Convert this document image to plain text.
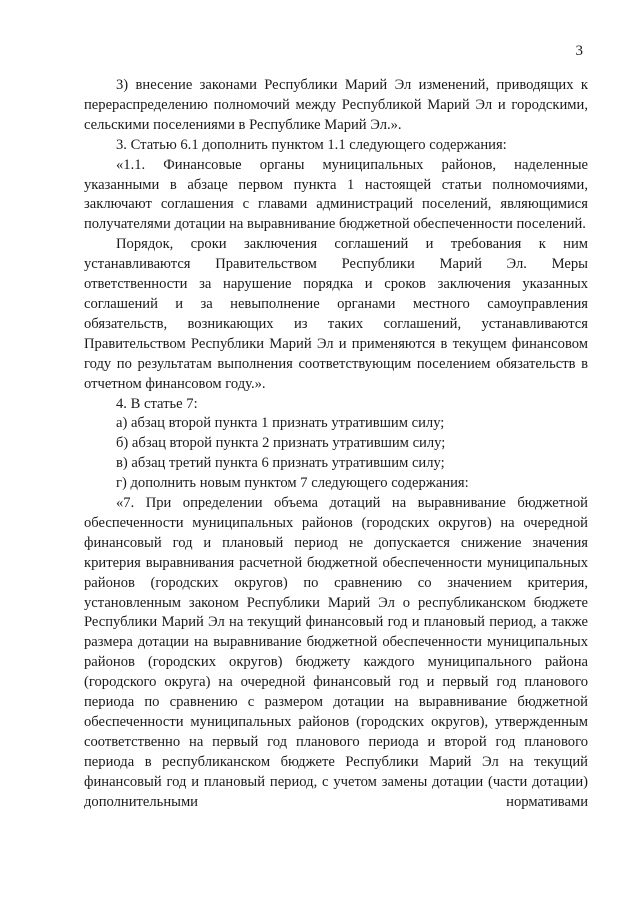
3

3) внесение законами Республики Марий Эл изменений, приводящих к перераспределению полномочий между Республикой Марий Эл и городскими, сельскими поселениями в Республике Марий Эл.».

3. Статью 6.1 дополнить пунктом 1.1 следующего содержания:

«1.1. Финансовые органы муниципальных районов, наделенные указанными в абзаце первом пункта 1 настоящей статьи полномочиями, заключают соглашения с главами администраций поселений, являющимися получателями дотации на выравнивание бюджетной обеспеченности поселений.

Порядок, сроки заключения соглашений и требования к ним устанавливаются Правительством Республики Марий Эл. Меры ответственности за нарушение порядка и сроков заключения указанных соглашений и за невыполнение органами местного самоуправления обязательств, возникающих из таких соглашений, устанавливаются Правительством Республики Марий Эл и применяются в текущем финансовом году по результатам выполнения соответствующим поселением обязательств в отчетном финансовом году.».

4. В статье 7:

а) абзац второй пункта 1 признать утратившим силу;

б) абзац второй пункта 2 признать утратившим силу;

в) абзац третий пункта 6 признать утратившим силу;

г) дополнить новым пунктом 7 следующего содержания:

«7. При определении объема дотаций на выравнивание бюджетной обеспеченности муниципальных районов (городских округов) на очередной финансовый год и плановый период не допускается снижение значения критерия выравнивания расчетной бюджетной обеспеченности муниципальных районов (городских округов) по сравнению со значением критерия, установленным законом Республики Марий Эл о республиканском бюджете Республики Марий Эл на текущий финансовый год и плановый период, а также размера дотации на выравнивание бюджетной обеспеченности муниципальных районов (городских округов) бюджету каждого муниципального района (городского округа) на очередной финансовый год и первый год планового периода по сравнению с размером дотации на выравнивание бюджетной обеспеченности муниципальных районов (городских округов), утвержденным соответственно на первый год планового периода и второй год планового периода в республиканском бюджете Республики Марий Эл на текущий финансовый год и плановый период, с учетом замены дотации (части дотации) дополнительными нормативами
